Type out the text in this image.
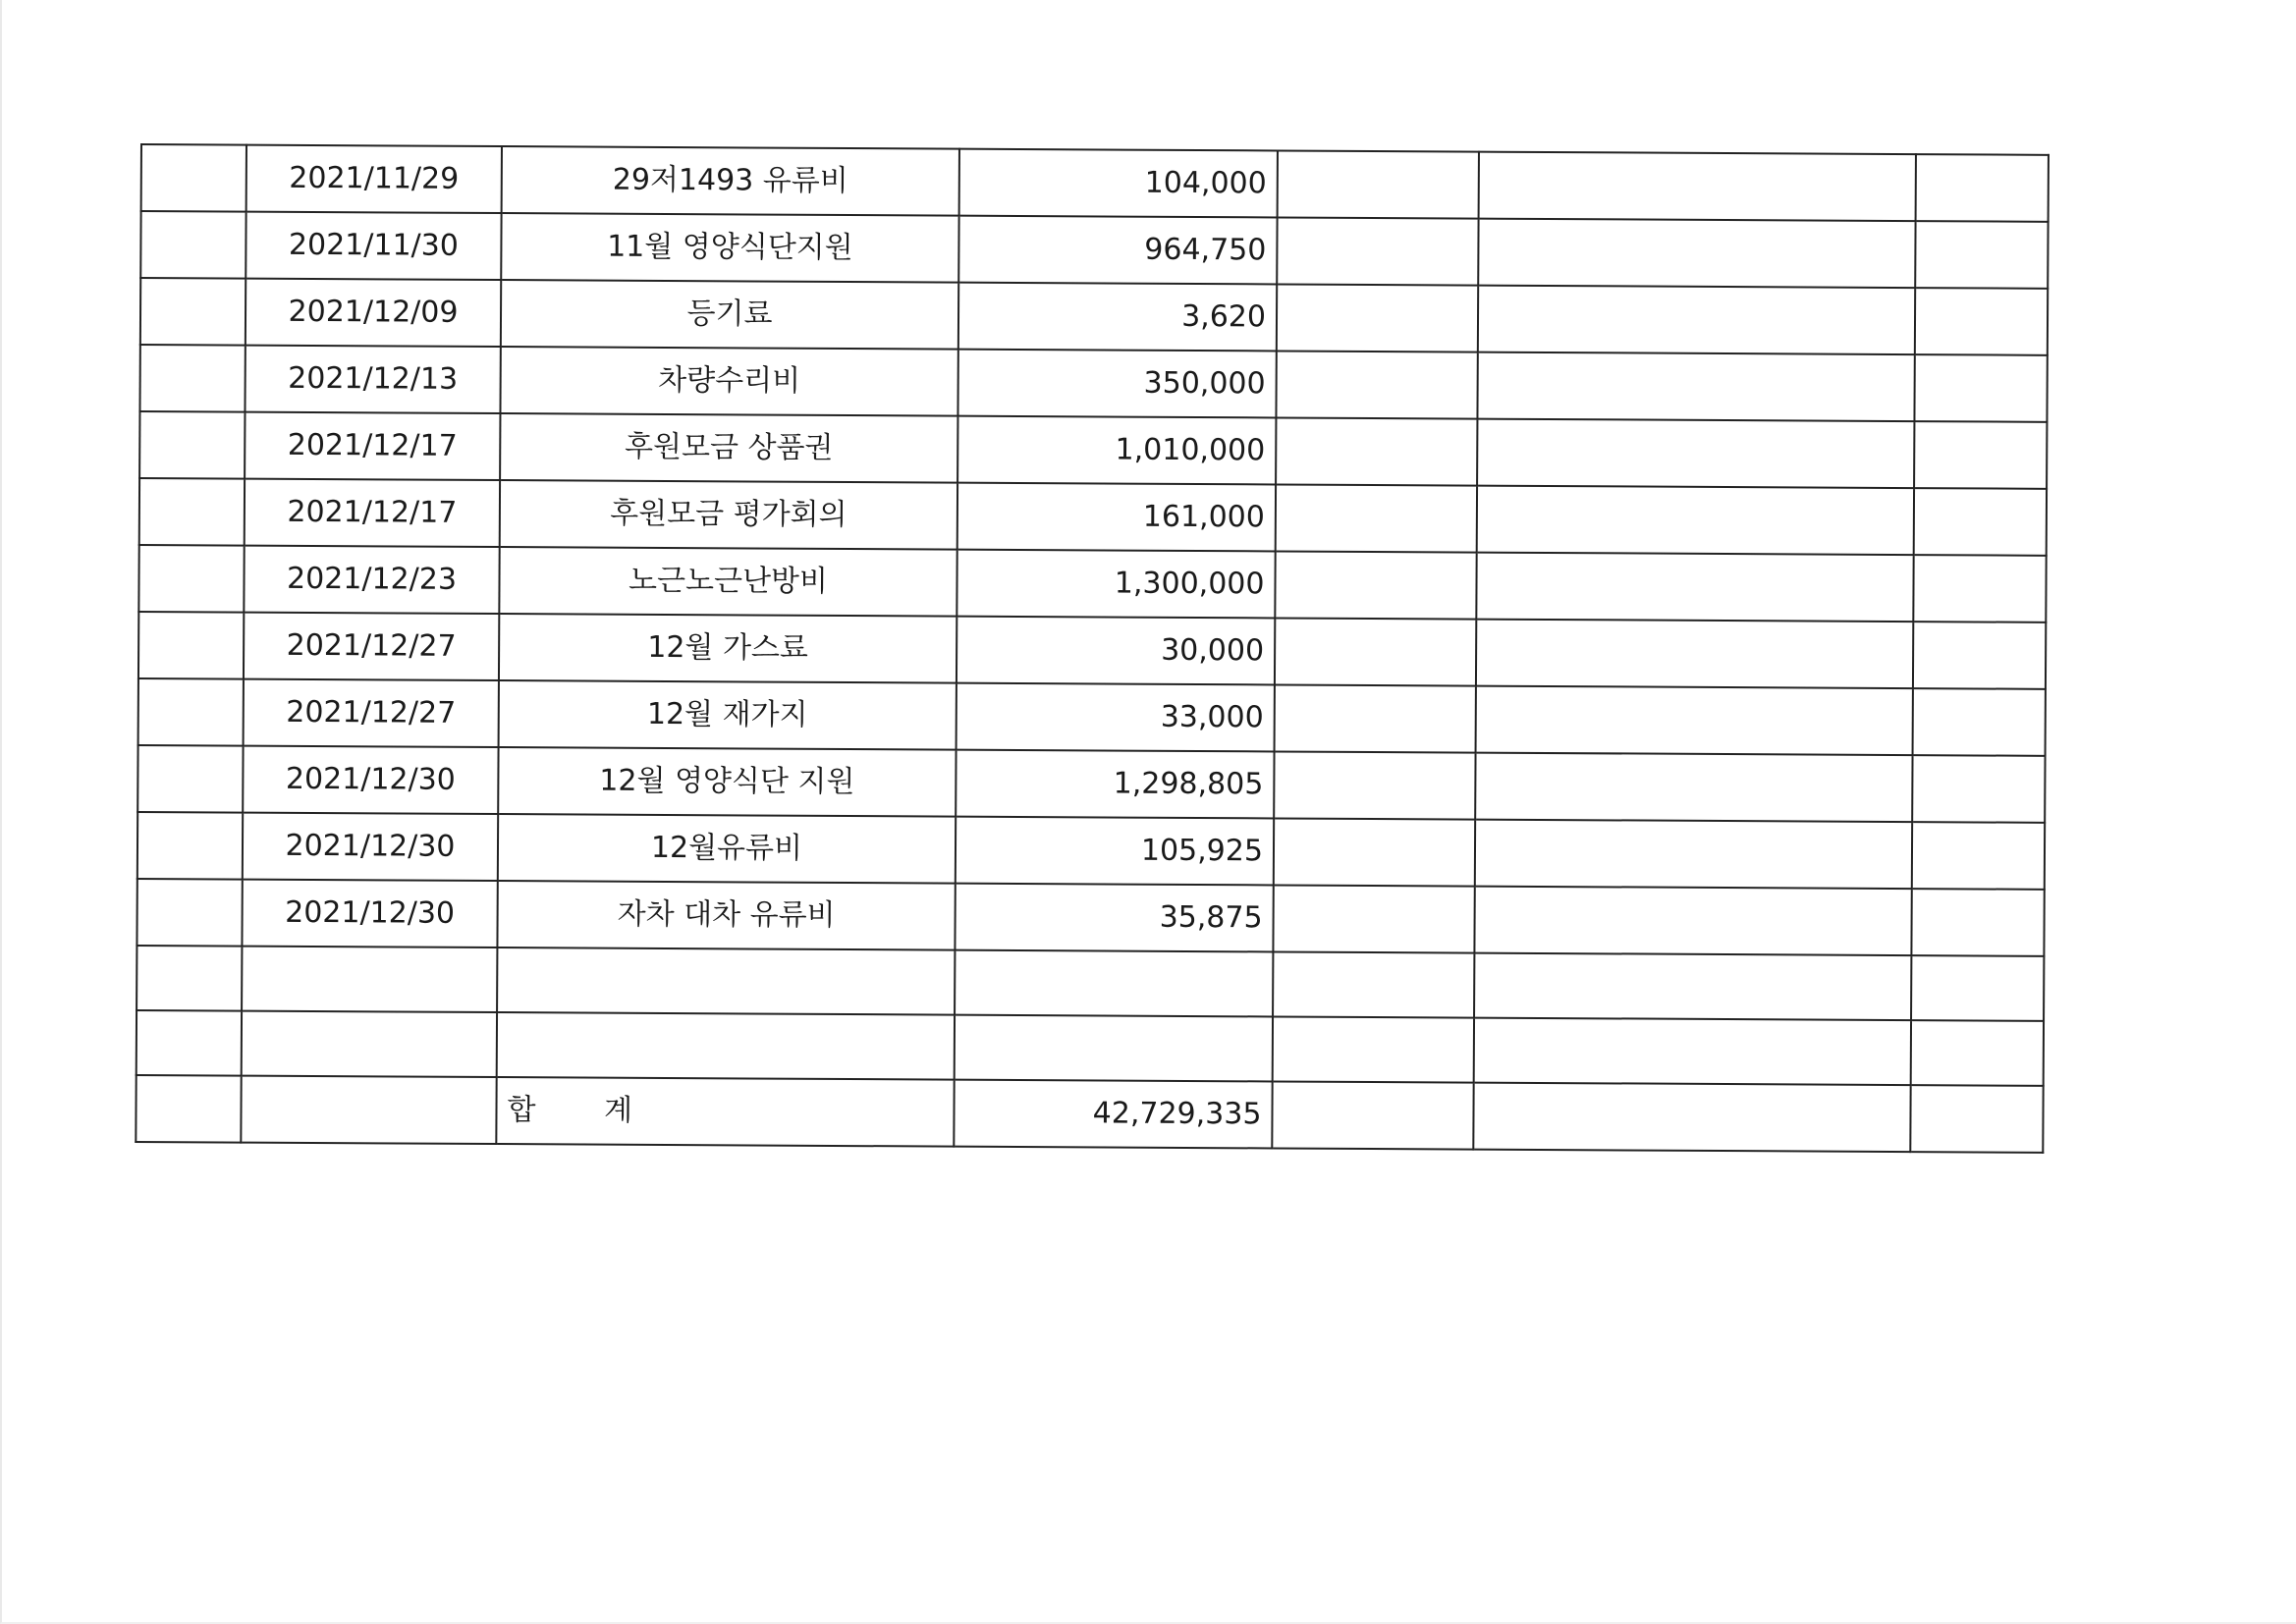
	2021/11/29	29저1493 유류비	104,000			
	2021/11/30	11월 영양식단지원	964,750			
	2021/12/09	등기료	3,620			
	2021/12/13	차량수리비	350,000			
	2021/12/17	후원모금 상품권	1,010,000			
	2021/12/17	후원모금 평가회의	161,000			
	2021/12/23	노근노근난방비	1,300,000			
	2021/12/27	12월 가스료	30,000			
	2021/12/27	12월 재가지	33,000			
	2021/12/30	12월 영양식단 지원	1,298,805			
	2021/12/30	12월유류비	105,925			
	2021/12/30	자차 대차 유류비	35,875			

		합 계	42,729,335			
